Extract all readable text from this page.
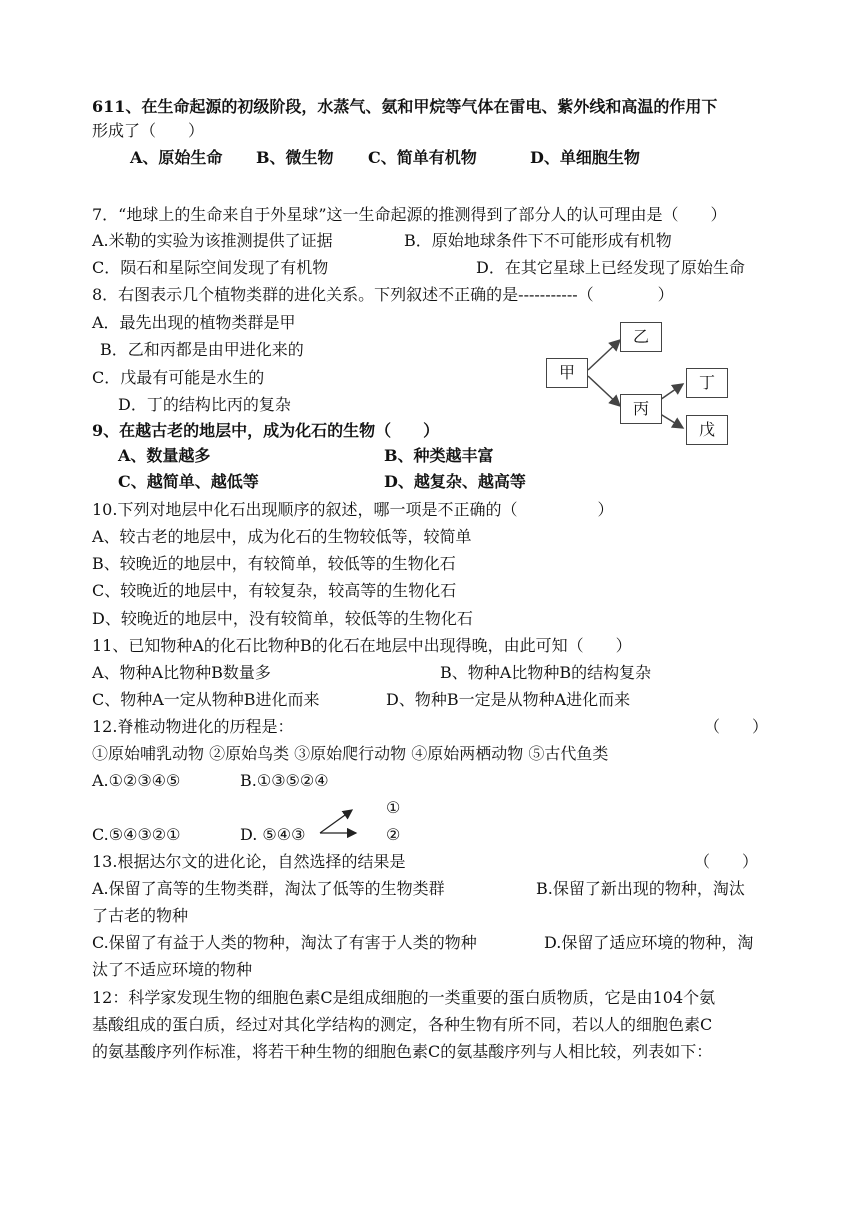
611、在生命起源的初级阶段，水蒸气、氨和甲烷等气体在雷电、紫外线和高温的作用下
形成了（　　）
A、原始生命 B、微生物 C、简单有机物	D、单细胞生物
7．“地球上的生命来自于外星球”这一生命起源的推测得到了部分人的认可理由是（　　）
A.米勒的实验为该推测提供了证据	B．原始地球条件下不可能形成有机物
C．陨石和星际空间发现了有机物	D．在其它星球上已经发现了原始生命
8．右图表示几个植物类群的进化关系。下列叙述不正确的是-----------（　　　　）
A．最先出现的植物类群是甲
B．乙和丙都是由甲进化来的
C．戊最有可能是水生的
D．丁的结构比丙的复杂
甲
乙
丙
丁
戊
9、在越古老的地层中，成为化石的生物（　　）
A、数量越多	B、种类越丰富
C、越简单、越低等	D、越复杂、越高等
10.下列对地层中化石出现顺序的叙述，哪一项是不正确的（　　　　　）
A、较古老的地层中，成为化石的生物较低等，较简单
B、较晚近的地层中，有较简单，较低等的生物化石
C、较晚近的地层中，有较复杂，较高等的生物化石
D、较晚近的地层中，没有较简单，较低等的生物化石
11、已知物种A的化石比物种B的化石在地层中出现得晚，由此可知（　　）
A、物种A比物种B数量多	B、物种A比物种B的结构复杂
C、物种A一定从物种B进化而来	D、物种B一定是从物种A进化而来
12.脊椎动物进化的历程是：	（　　）
①原始哺乳动物 ②原始鸟类 ③原始爬行动物 ④原始两栖动物 ⑤古代鱼类
A.①②③④⑤	B.①③⑤②④
①
C.⑤④③②①	D. ⑤④③	②
13.根据达尔文的进化论，自然选择的结果是	（　　）
A.保留了高等的生物类群，淘汰了低等的生物类群	B.保留了新出现的物种，淘汰
了古老的物种
C.保留了有益于人类的物种，淘汰了有害于人类的物种	D.保留了适应环境的物种，淘
汰了不适应环境的物种
12：科学家发现生物的细胞色素C是组成细胞的一类重要的蛋白质物质，它是由104个氨
基酸组成的蛋白质，经过对其化学结构的测定，各种生物有所不同，若以人的细胞色素C
的氨基酸序列作标准，将若干种生物的细胞色素C的氨基酸序列与人相比较，列表如下：
